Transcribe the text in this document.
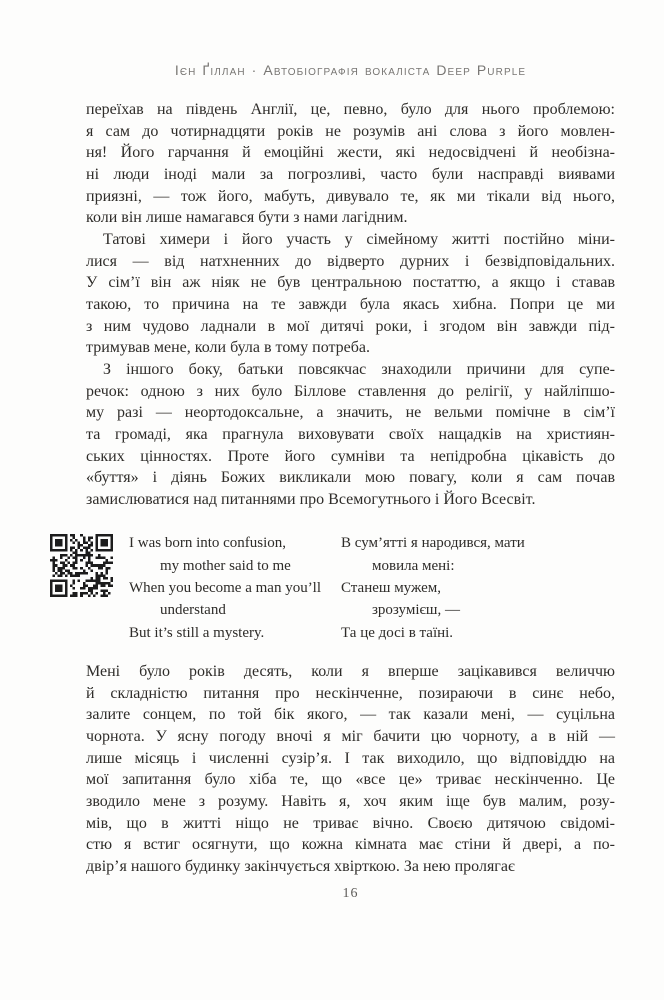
Ієн Ґіллан · Автобіографія вокаліста Deep Purple
переїхав на південь Англії, це, певно, було для нього проблемою:
я сам до чотирнадцяти років не розумів ані слова з його мовлен-
ня! Його гарчання й емоційні жести, які недосвідчені й необізна-
ні люди іноді мали за погрозливі, часто були насправді виявами
приязні, — тож його, мабуть, дивувало те, як ми тікали від нього,
коли він лише намагався бути з нами лагідним.
Татові химери і його участь у сімейному житті постійно міни-
лися — від натхненних до відверто дурних і безвідповідальних.
У сім’ї він аж ніяк не був центральною постаттю, а якщо і ставав
такою, то причина на те завжди була якась хибна. Попри це ми
з ним чудово ладнали в мої дитячі роки, і згодом він завжди під-
тримував мене, коли була в тому потреба.
З іншого боку, батьки повсякчас знаходили причини для супе-
речок: одною з них було Біллове ставлення до релігії, у найліпшо-
му разі — неортодоксальне, а значить, не вельми помічне в сім’ї
та громаді, яка прагнула виховувати своїх нащадків на християн-
ських цінностях. Проте його сумніви та непідробна цікавість до
«буття» і діянь Божих викликали мою повагу, коли я сам почав
замислюватися над питаннями про Всемогутнього і Його Всесвіт.
I was born into confusion,
my mother said to me
When you become a man you’ll
understand
But it’s still a mystery.
В сум’ятті я народився, мати
мовила мені:
Станеш мужем,
зрозумієш, —
Та це досі в таїні.
Мені було років десять, коли я вперше зацікавився величчю
й складністю питання про нескінченне, позираючи в синє небо,
залите сонцем, по той бік якого, — так казали мені, — суцільна
чорнота. У ясну погоду вночі я міг бачити цю чорноту, а в ній —
лише місяць і численні сузір’я. І так виходило, що відповіддю на
мої запитання було хіба те, що «все це» триває нескінченно. Це
зводило мене з розуму. Навіть я, хоч яким іще був малим, розу-
мів, що в житті ніщо не триває вічно. Своєю дитячою свідомі-
стю я встиг осягнути, що кожна кімната має стіни й двері, а по-
двір’я нашого будинку закінчується хвірткою. За нею пролягає
16
